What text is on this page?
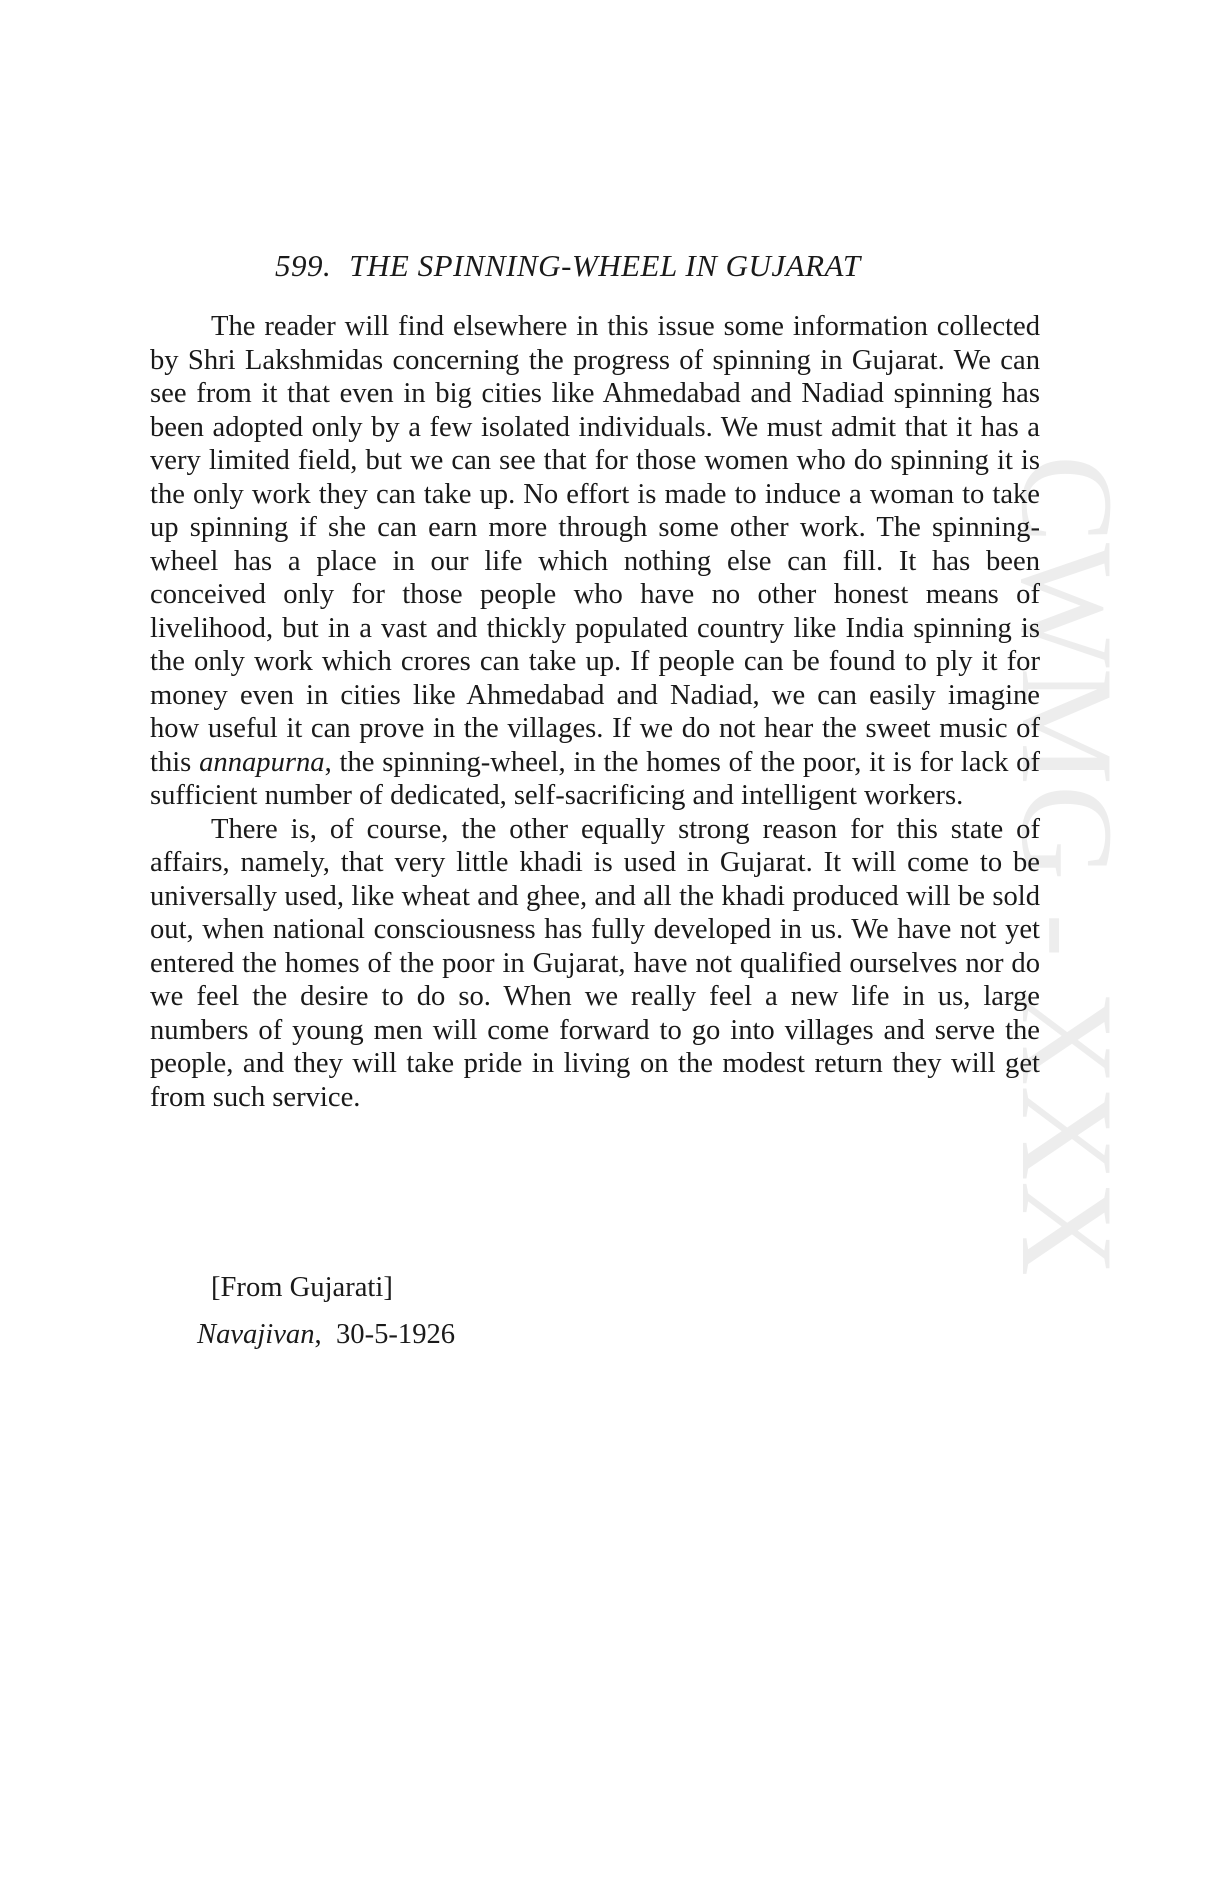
CWMG - XXX
599. THE SPINNING-WHEEL IN GUJARAT

The reader will find elsewhere in this issue some information collected by Shri Lakshmidas concerning the progress of spinning in Gujarat. We can see from it that even in big cities like Ahmedabad and Nadiad spinning has been adopted only by a few isolated individuals. We must admit that it has a very limited field, but we can see that for those women who do spinning it is the only work they can take up. No effort is made to induce a woman to take up spinning if she can earn more through some other work. The spinning-wheel has a place in our life which nothing else can fill. It has been conceived only for those people who have no other honest means of livelihood, but in a vast and thickly populated country like India spinning is the only work which crores can take up. If people can be found to ply it for money even in cities like Ahmedabad and Nadiad, we can easily imagine how useful it can prove in the villages. If we do not hear the sweet music of this annapurna, the spinning-wheel, in the homes of the poor, it is for lack of sufficient number of dedicated, self-sacrificing and intelligent workers.

There is, of course, the other equally strong reason for this state of affairs, namely, that very little khadi is used in Gujarat. It will come to be universally used, like wheat and ghee, and all the khadi produced will be sold out, when national consciousness has fully developed in us. We have not yet entered the homes of the poor in Gujarat, have not qualified ourselves nor do we feel the desire to do so. When we really feel a new life in us, large numbers of young men will come forward to go into villages and serve the people, and they will take pride in living on the modest return they will get from such service.

[From Gujarati]
Navajivan, 30-5-1926
